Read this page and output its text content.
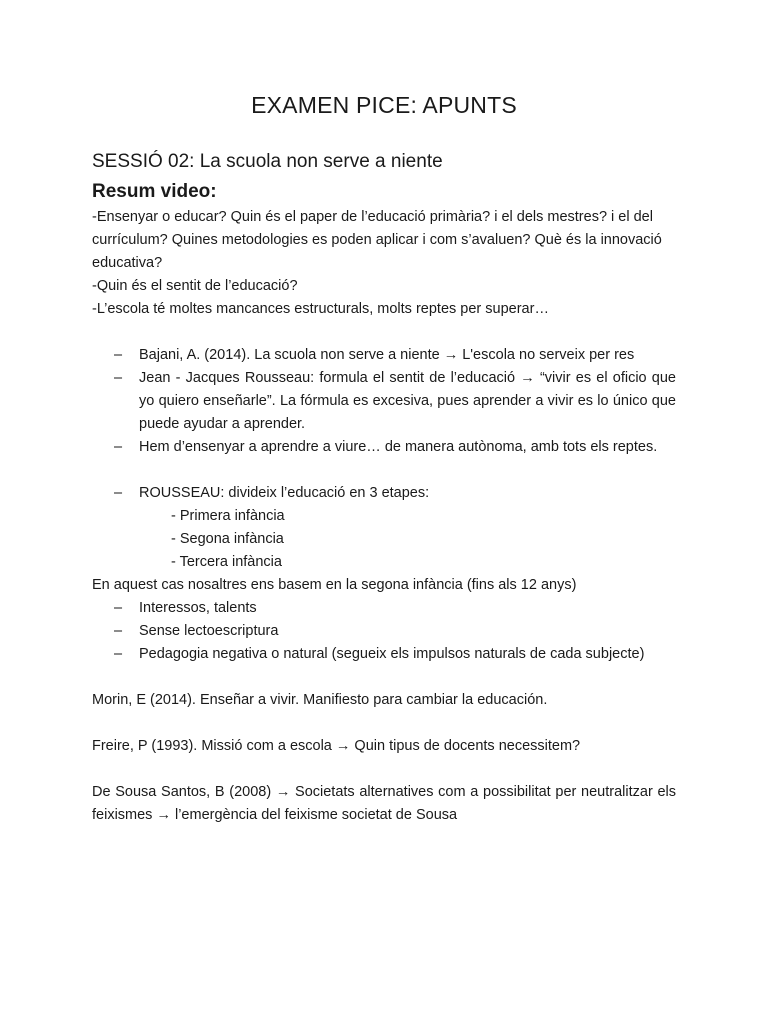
EXAMEN PICE: APUNTS
SESSIÓ 02: La scuola non serve a niente
Resum video:

-Ensenyar o educar? Quin és el paper de l’educació primària? i el dels mestres? i el del currículum? Quines metodologies es poden aplicar i com s’avaluen? Què és la innovació educativa?

-Quin és el sentit de l’educació?

-L’escola té moltes mancances estructurals, molts reptes per superar…

– Bajani, A. (2014). La scuola non serve a niente → L'escola no serveix per res
– Jean - Jacques Rousseau: formula el sentit de l’educació → “vivir es el oficio que yo quiero enseñarle”. La fórmula es excesiva, pues aprender a vivir es lo único que puede ayudar a aprender.
– Hem d’ensenyar a aprendre a viure… de manera autònoma, amb tots els reptes.
– ROUSSEAU: divideix l’educació en 3 etapes:
- Primera infància
- Segona infància
- Tercera infància

En aquest cas nosaltres ens basem en la segona infància (fins als 12 anys)

– Interessos, talents
– Sense lectoescriptura
– Pedagogia negativa o natural (segueix els impulsos naturals de cada subjecte)

Morin, E (2014). Enseñar a vivir. Manifiesto para cambiar la educación.

Freire, P (1993). Missió com a escola → Quin tipus de docents necessitem?

De Sousa Santos, B (2008) → Societats alternatives com a possibilitat per neutralitzar els feixismes → l’emergència del feixisme societat de Sousa
